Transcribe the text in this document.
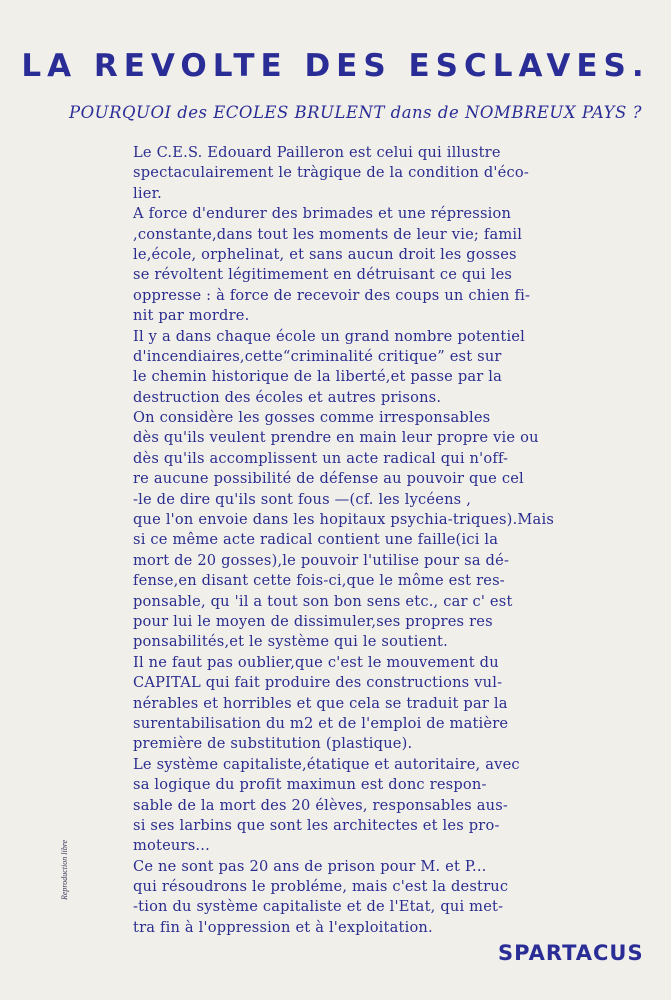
LA REVOLTE DES ESCLAVES.
POURQUOI des ECOLES BRULENT dans de NOMBREUX PAYS ?
Le C.E.S. Edouard Pailleron est celui qui illustre
spectaculairement le tràgique de la condition d'éco-
lier.
A force d'endurer des brimades et une répression
,constante,dans tout les moments de leur vie; famil
le,école, orphelinat, et sans aucun droit les gosses
se révoltent légitimement en détruisant ce qui les
oppresse : à force de recevoir des coups un chien fi-
nit par mordre.
Il y a dans chaque école un grand nombre potentiel
d'incendiaires,cette“criminalité critique” est sur
le chemin historique de la liberté,et passe par la
destruction des écoles et autres prisons.
On considère les gosses comme irresponsables
dès qu'ils veulent prendre en main leur propre vie ou
dès qu'ils accomplissent un acte radical qui n'off-
re aucune possibilité de défense au pouvoir que cel
-le de dire qu'ils sont fous —(cf. les lycéens ,
que l'on envoie dans les hopitaux psychia-triques).Mais
si ce même acte radical contient une faille(ici la
mort de 20 gosses),le pouvoir l'utilise pour sa dé-
fense,en disant cette fois-ci,que le môme est res-
ponsable, qu 'il a tout son bon sens etc., car c' est
pour lui le moyen de dissimuler,ses propres res
ponsabilités,et le système qui le soutient.
Il ne faut pas oublier,que c'est le mouvement du
CAPITAL qui fait produire des constructions vul-
nérables et horribles et que cela se traduit par la
surentabilisation du m2 et de l'emploi de matière
première de substitution (plastique).
Le système capitaliste,étatique et autoritaire, avec
sa logique du profit maximun est donc respon-
sable de la mort des 20 élèves, responsables aus-
si ses larbins que sont les architectes et les pro-
moteurs...
Ce ne sont pas 20 ans de prison pour M. et P...
qui résoudrons le probléme, mais c'est la destruc
-tion du système capitaliste et de l'Etat, qui met-
tra fin à l'oppression et à l'exploitation.
Reproduction libre
SPARTACUS
